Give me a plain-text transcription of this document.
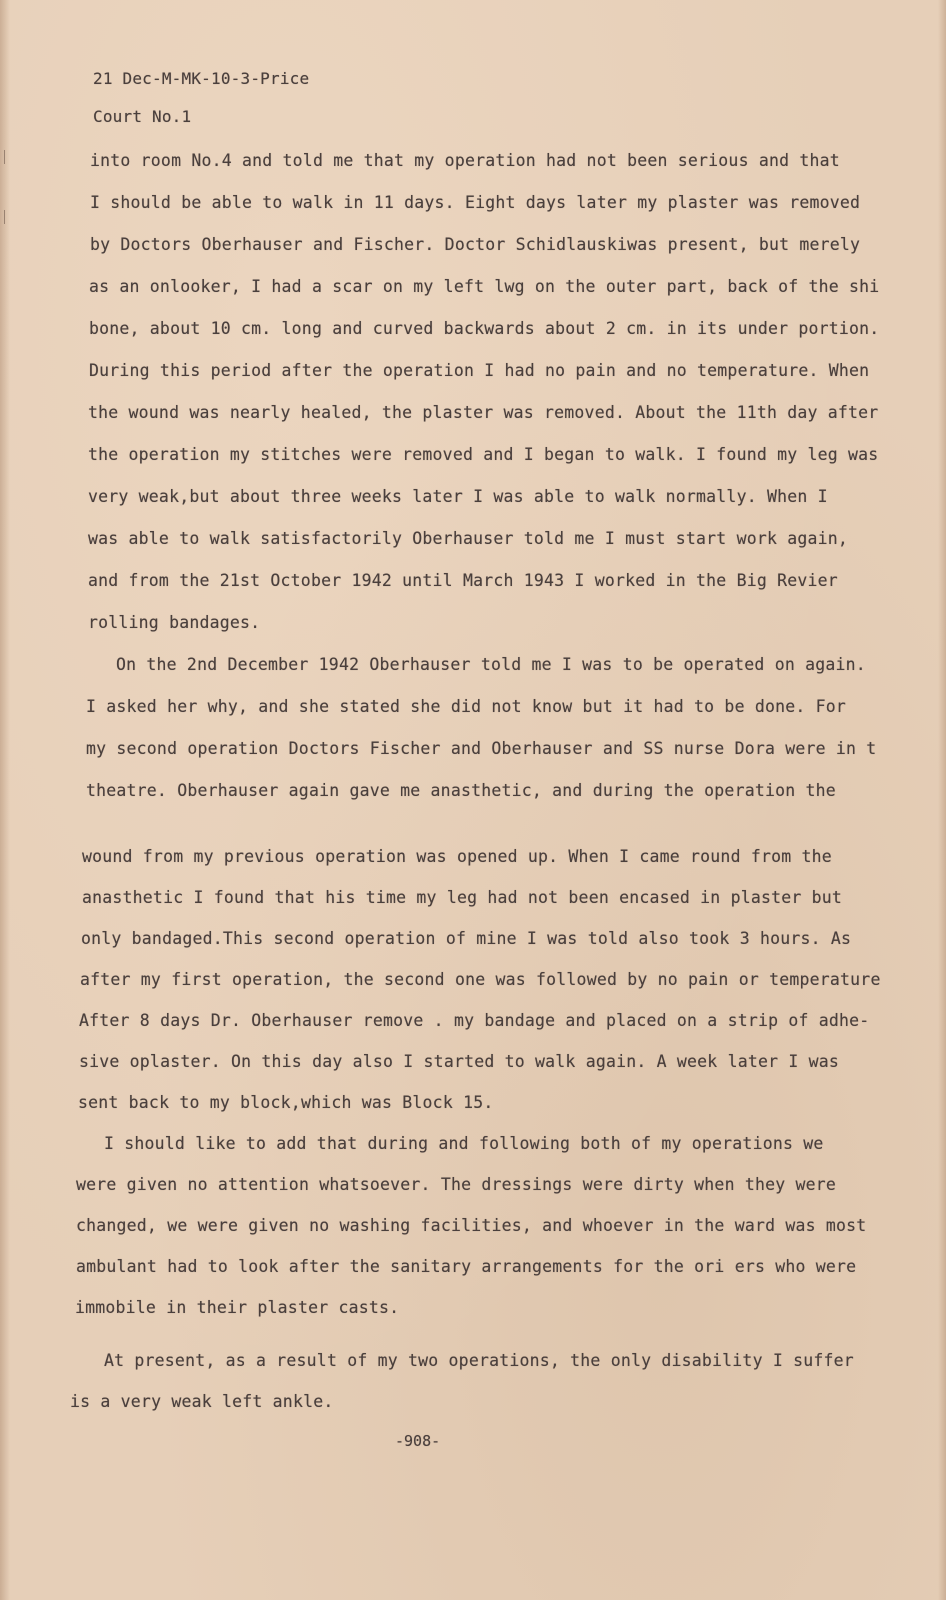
21 Dec-M-MK-10-3-Price

Court No.1

into room No.4 and told me that my operation had not been serious and that

I should be able to walk in 11 days. Eight days later my plaster was removed

by Doctors Oberhauser and Fischer. Doctor Schidlauskiwas present, but merely

as an onlooker, I had a scar on my left lwg on the outer part, back of the shi

bone, about 10 cm. long and curved backwards about 2 cm. in its under portion.

During this period after the operation I had no pain and no temperature. When

the wound was nearly healed, the plaster was removed. About the 11th day after

the operation my stitches were removed and I began to walk. I found my leg was

very weak,but about three weeks later I was able to walk normally. When I

was able to walk satisfactorily Oberhauser told me I must start work again,

and from the 21st October 1942 until March 1943 I worked in the Big Revier

rolling bandages.

On the 2nd December 1942 Oberhauser told me I was to be operated on again.

I asked her why, and she stated she did not know but it had to be done. For

my second operation Doctors Fischer and Oberhauser and SS nurse Dora were in t

theatre. Oberhauser again gave me anasthetic, and during the operation the

wound from my previous operation was opened up. When I came round from the

anasthetic I found that his time my leg had not been encased in plaster but

only bandaged.This second operation of mine I was told also took 3 hours. As

after my first operation, the second one was followed by no pain or temperature

After 8 days Dr. Oberhauser remove . my bandage and placed on a strip of adhe-

sive oplaster. On this day also I started to walk again. A week later I was

sent back to my block,which was Block 15.

I should like to add that during and following both of my operations we

were given no attention whatsoever. The dressings were dirty when they were

changed, we were given no washing facilities, and whoever in the ward was most

ambulant had to look after the sanitary arrangements for the ori ers who were

immobile in their plaster casts.

At present, as a result of my two operations, the only disability I suffer

is a very weak left ankle.

-908-
